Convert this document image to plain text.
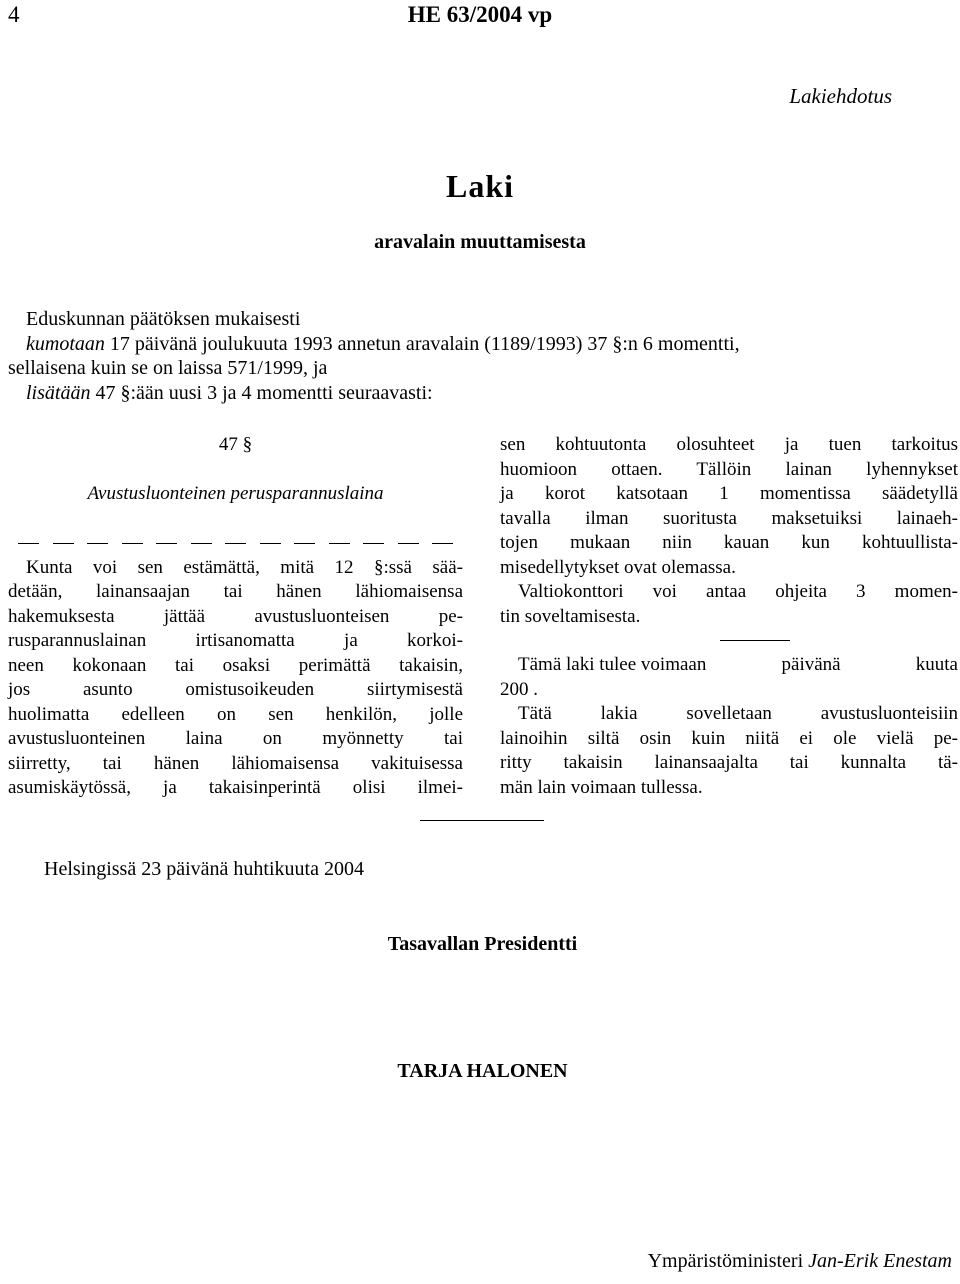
4	HE 63/2004 vp
Lakiehdotus
Laki
aravalain muuttamisesta
Eduskunnan päätöksen mukaisesti
kumotaan 17 päivänä joulukuuta 1993 annetun aravalain (1189/1993) 37 §:n 6 momentti,
sellaisena kuin se on laissa 571/1999, ja
lisätään 47 §:ään uusi 3 ja 4 momentti seuraavasti:
47 §
Avustusluonteinen perusparannuslaina
Kunta voi sen estämättä, mitä 12 §:ssä sää-
detään, lainansaajan tai hänen lähiomaisensa
hakemuksesta jättää avustusluonteisen pe-
rusparannuslainan irtisanomatta ja korkoi-
neen kokonaan tai osaksi perimättä takaisin,
jos asunto omistusoikeuden siirtymisestä
huolimatta edelleen on sen henkilön, jolle
avustusluonteinen laina on myönnetty tai
siirretty, tai hänen lähiomaisensa vakituisessa
asumiskäytössä, ja takaisinperintä olisi ilmei-
sen kohtuutonta olosuhteet ja tuen tarkoitus
huomioon ottaen. Tällöin lainan lyhennykset
ja korot katsotaan 1 momentissa säädetyllä
tavalla ilman suoritusta maksetuiksi lainaeh-
tojen mukaan niin kauan kun kohtuullista-
misedellytykset ovat olemassa.
Valtiokonttori voi antaa ohjeita 3 momen-
tin soveltamisesta.
Tämä laki tulee voimaan	päivänä	kuuta
200 .
Tätä lakia sovelletaan avustusluonteisiin
lainoihin siltä osin kuin niitä ei ole vielä pe-
ritty takaisin lainansaajalta tai kunnalta tä-
män lain voimaan tullessa.
Helsingissä 23 päivänä huhtikuuta 2004
Tasavallan Presidentti
TARJA HALONEN
Ympäristöministeri Jan-Erik Enestam
